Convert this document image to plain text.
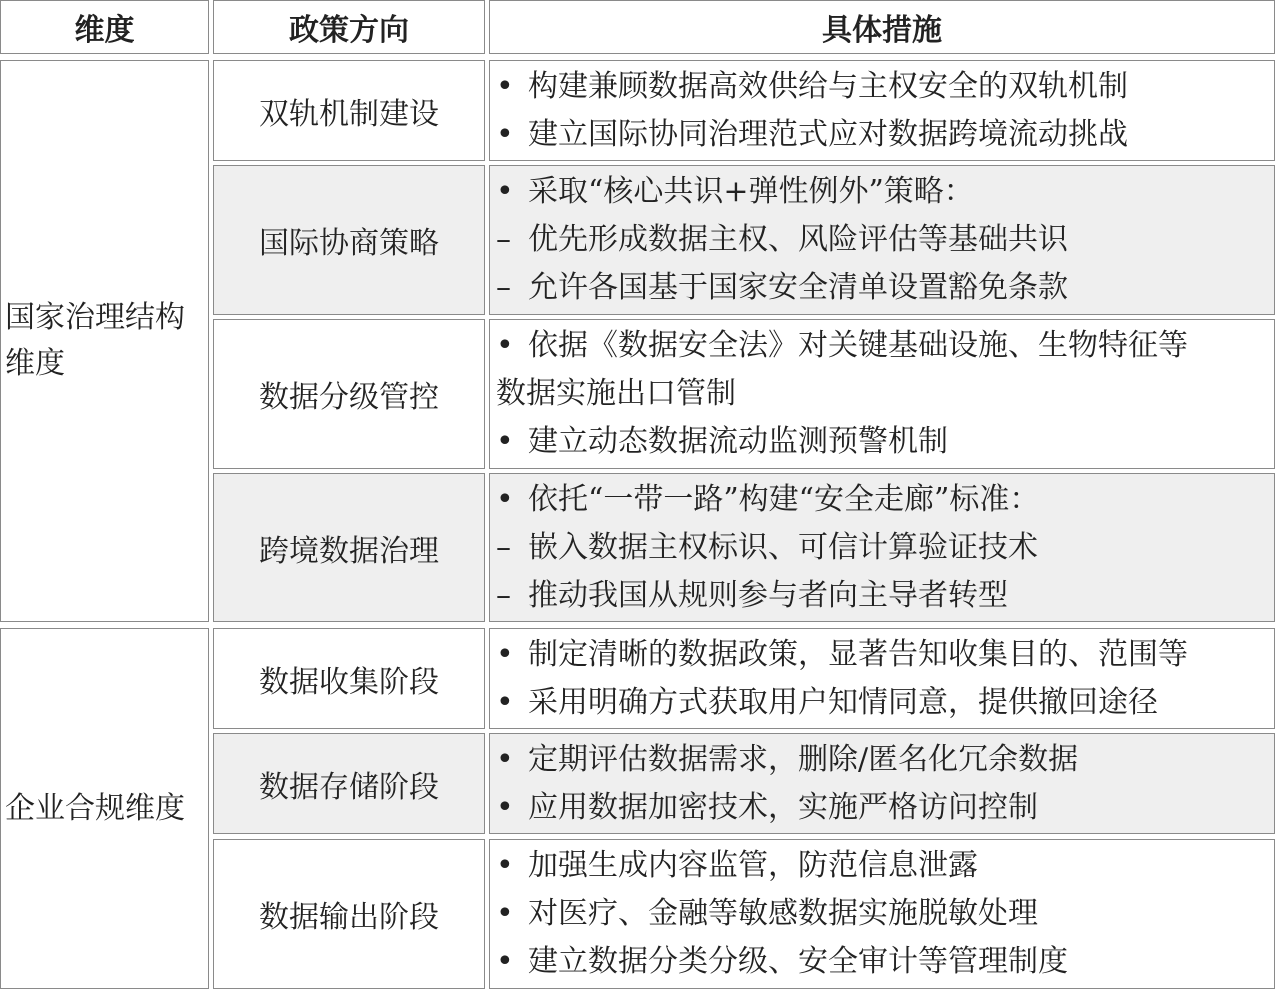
维度	政策方向	具体措施
国家治理结构维度
双轨机制建设
• 构建兼顾数据高效供给与主权安全的双轨机制
• 建立国际协同治理范式应对数据跨境流动挑战
国际协商策略
• 采取“核心共识+弹性例外”策略：
– 优先形成数据主权、风险评估等基础共识
– 允许各国基于国家安全清单设置豁免条款
数据分级管控
• 依据《数据安全法》对关键基础设施、生物特征等
数据实施出口管制
• 建立动态数据流动监测预警机制
跨境数据治理
• 依托“一带一路”构建“安全走廊”标准：
– 嵌入数据主权标识、可信计算验证技术
– 推动我国从规则参与者向主导者转型
企业合规维度
数据收集阶段
• 制定清晰的数据政策，显著告知收集目的、范围等
• 采用明确方式获取用户知情同意，提供撤回途径
数据存储阶段
• 定期评估数据需求，删除/匿名化冗余数据
• 应用数据加密技术，实施严格访问控制
数据输出阶段
• 加强生成内容监管，防范信息泄露
• 对医疗、金融等敏感数据实施脱敏处理
• 建立数据分类分级、安全审计等管理制度
